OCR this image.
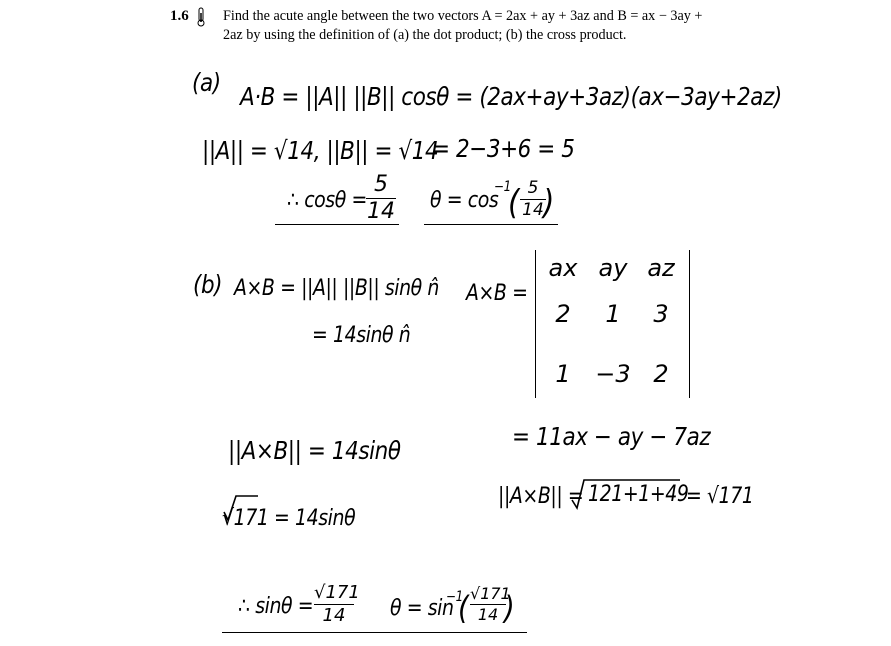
1.6 Find the acute angle between the two vectors A = 2ax + ay + 3az and B = ax − 3ay + 2az by using the definition of (a) the dot product; (b) the cross product.
(a) A·B = ||A|| ||B|| cosθ = (2ax+ay+3az)(ax−3ay+2az)
||A|| = √14, ||B|| = √14
= 2−3+6 = 5
∴ cosθ =
5
14 θ = cos
−1
( 5
14 )
(b) A×B = ||A|| ||B|| sinθ n̂
= 14sinθ n̂
A×B =
ax ay az
2	1	3
1	−3 2
||A×B|| = 14sinθ	= 11ax − ay − 7az
||A×B|| = 121+1+49
= √171
√171 = 14sinθ
∴ sinθ =
√171
14	θ = sin
−1
( √171
14 )
